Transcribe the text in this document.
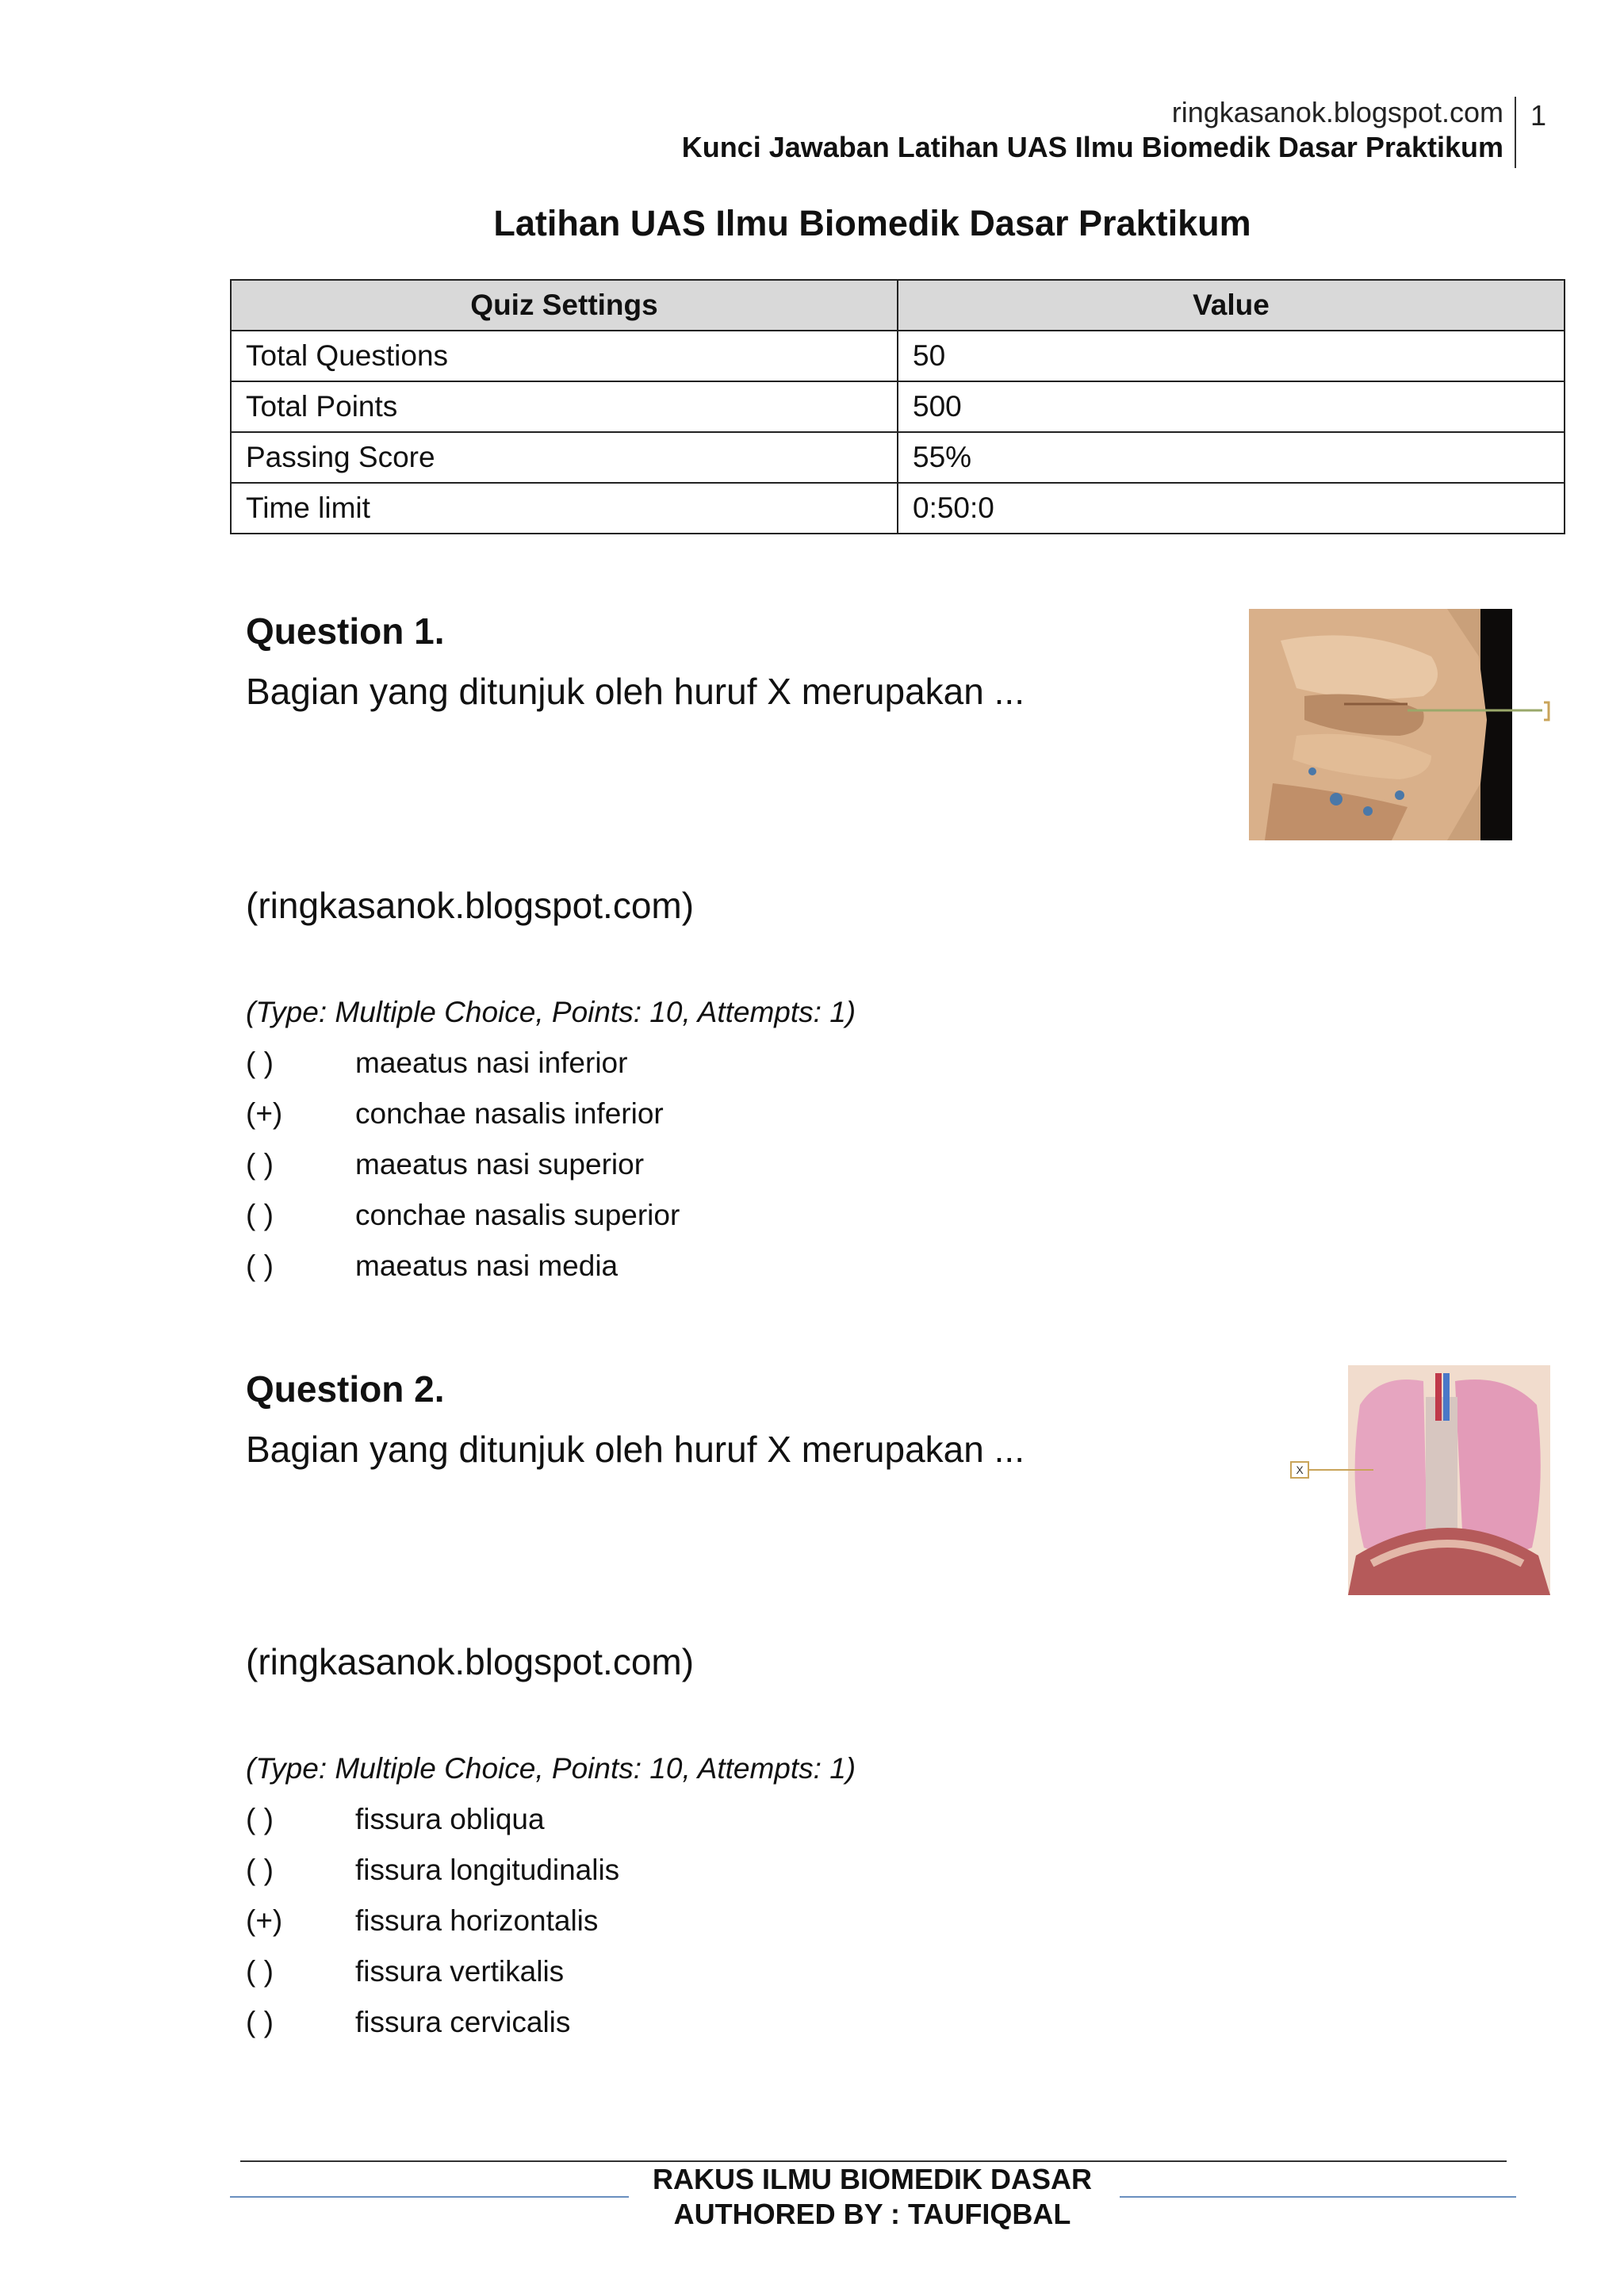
ringkasanok.blogspot.com
Kunci Jawaban Latihan UAS Ilmu Biomedik Dasar Praktikum
1
Latihan UAS Ilmu Biomedik Dasar Praktikum
Quiz Settings	Value
Total Questions	50
Total Points	500
Passing Score	55%
Time limit	0:50:0
Question 1.
Bagian yang ditunjuk oleh huruf X merupakan ...
(ringkasanok.blogspot.com)
(Type: Multiple Choice, Points: 10, Attempts: 1)
( )	maeatus nasi inferior
(+)	conchae nasalis inferior
( )	maeatus nasi superior
( )	conchae nasalis superior
( )	maeatus nasi media
Question 2.
Bagian yang ditunjuk oleh huruf X merupakan ...	X
(ringkasanok.blogspot.com)
(Type: Multiple Choice, Points: 10, Attempts: 1)
( )	fissura obliqua
( )	fissura longitudinalis
(+)	fissura horizontalis
( )	fissura vertikalis
( )	fissura cervicalis
RAKUS ILMU BIOMEDIK DASAR
AUTHORED BY : TAUFIQBAL
